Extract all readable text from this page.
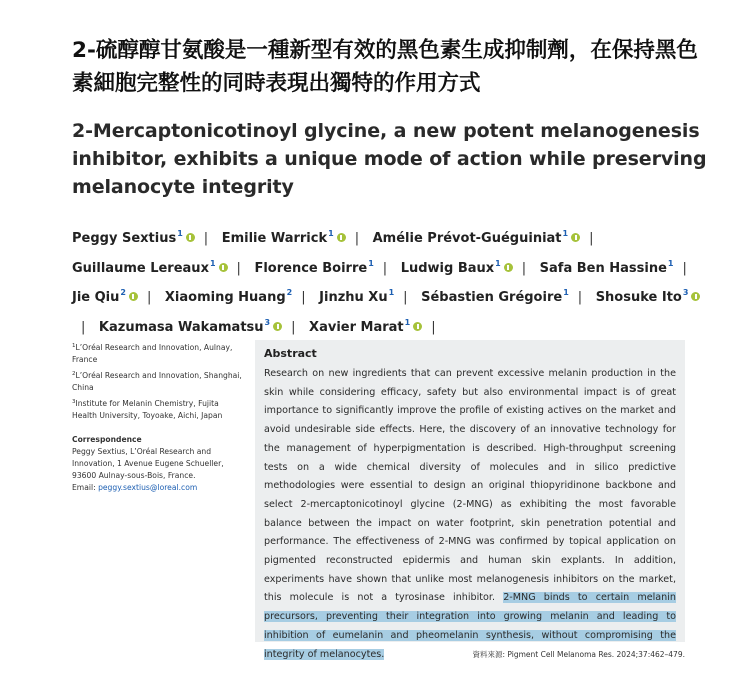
2-硫醇醇甘氨酸是一種新型有效的黑色素生成抑制劑，在保持黑色素細胞完整性的同時表現出獨特的作用方式
2-Mercaptonicotinoyl glycine, a new potent melanogenesis inhibitor, exhibits a unique mode of action while preserving melanocyte integrity
Peggy Sextius$^1$ | Emilie Warrick$^1$ | Amélie Prévot-Guéguiniat$^1$ | Guillaume Lereaux$^1$ | Florence Boirre$^1$ | Ludwig Baux$^1$ | Safa Ben Hassine$^1$ | Jie Qiu$^2$ | Xiaoming Huang$^2$ | Jinzhu Xu$^1$ | Sébastien Grégoire$^1$ | Shosuke Ito$^3$| Kazumasa Wakamatsu$^3$ | Xavier Marat$^1$ |
$^1$L’Oréal Research and Innovation, Aulnay, France
$^2$L’Oréal Research and Innovation, Shanghai, China
$^3$Institute for Melanin Chemistry, Fujita Health University, Toyoake, Aichi, Japan
Correspondence
Peggy Sextius, L’Oréal Research and Innovation, 1 Avenue Eugene Schueller, 93600 Aulnay-sous-Bois, France.
Email: peggy.sextius@loreal.com
Abstract

Research on new ingredients that can prevent excessive melanin production in the skin while considering efficacy, safety but also environmental impact is of great importance to significantly improve the profile of existing actives on the market and avoid undesirable side effects. Here, the discovery of an innovative technology for the management of hyperpigmentation is described. High-throughput screening tests on a wide chemical diversity of molecules and in silico predictive methodologies were essential to design an original thiopyridinone backbone and select 2-mercaptonicotinoyl glycine (2-MNG) as exhibiting the most favorable balance between the impact on water footprint, skin penetration potential and performance. The effectiveness of 2-MNG was confirmed by topical application on pigmented reconstructed epidermis and human skin explants. In addition, experiments have shown that unlike most melanogenesis inhibitors on the market, this molecule is not a tyrosinase inhibitor. 2-MNG binds to certain melanin precursors, preventing their integration into growing melanin and leading to inhibition of eumelanin and pheomelanin synthesis, without compromising the integrity of melanocytes.	資料來源: Pigment Cell Melanoma Res. 2024;37:462–479.
